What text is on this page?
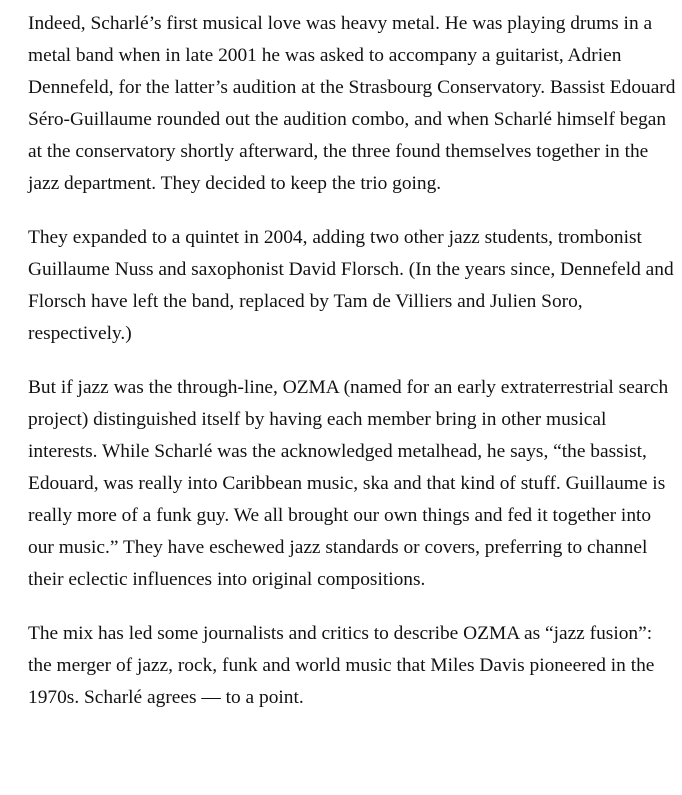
Indeed, Scharlé’s first musical love was heavy metal. He was playing drums in a metal band when in late 2001 he was asked to accompany a guitarist, Adrien Dennefeld, for the latter’s audition at the Strasbourg Conservatory. Bassist Edouard Séro-Guillaume rounded out the audition combo, and when Scharlé himself began at the conservatory shortly afterward, the three found themselves together in the jazz department. They decided to keep the trio going.

They expanded to a quintet in 2004, adding two other jazz students, trombonist Guillaume Nuss and saxophonist David Florsch. (In the years since, Dennefeld and Florsch have left the band, replaced by Tam de Villiers and Julien Soro, respectively.)

But if jazz was the through-line, OZMA (named for an early extraterrestrial search project) distinguished itself by having each member bring in other musical interests. While Scharlé was the acknowledged metalhead, he says, “the bassist, Edouard, was really into Caribbean music, ska and that kind of stuff. Guillaume is really more of a funk guy. We all brought our own things and fed it together into our music.” They have eschewed jazz standards or covers, preferring to channel their eclectic influences into original compositions.

The mix has led some journalists and critics to describe OZMA as “jazz fusion”: the merger of jazz, rock, funk and world music that Miles Davis pioneered in the 1970s. Scharlé agrees — to a point.
